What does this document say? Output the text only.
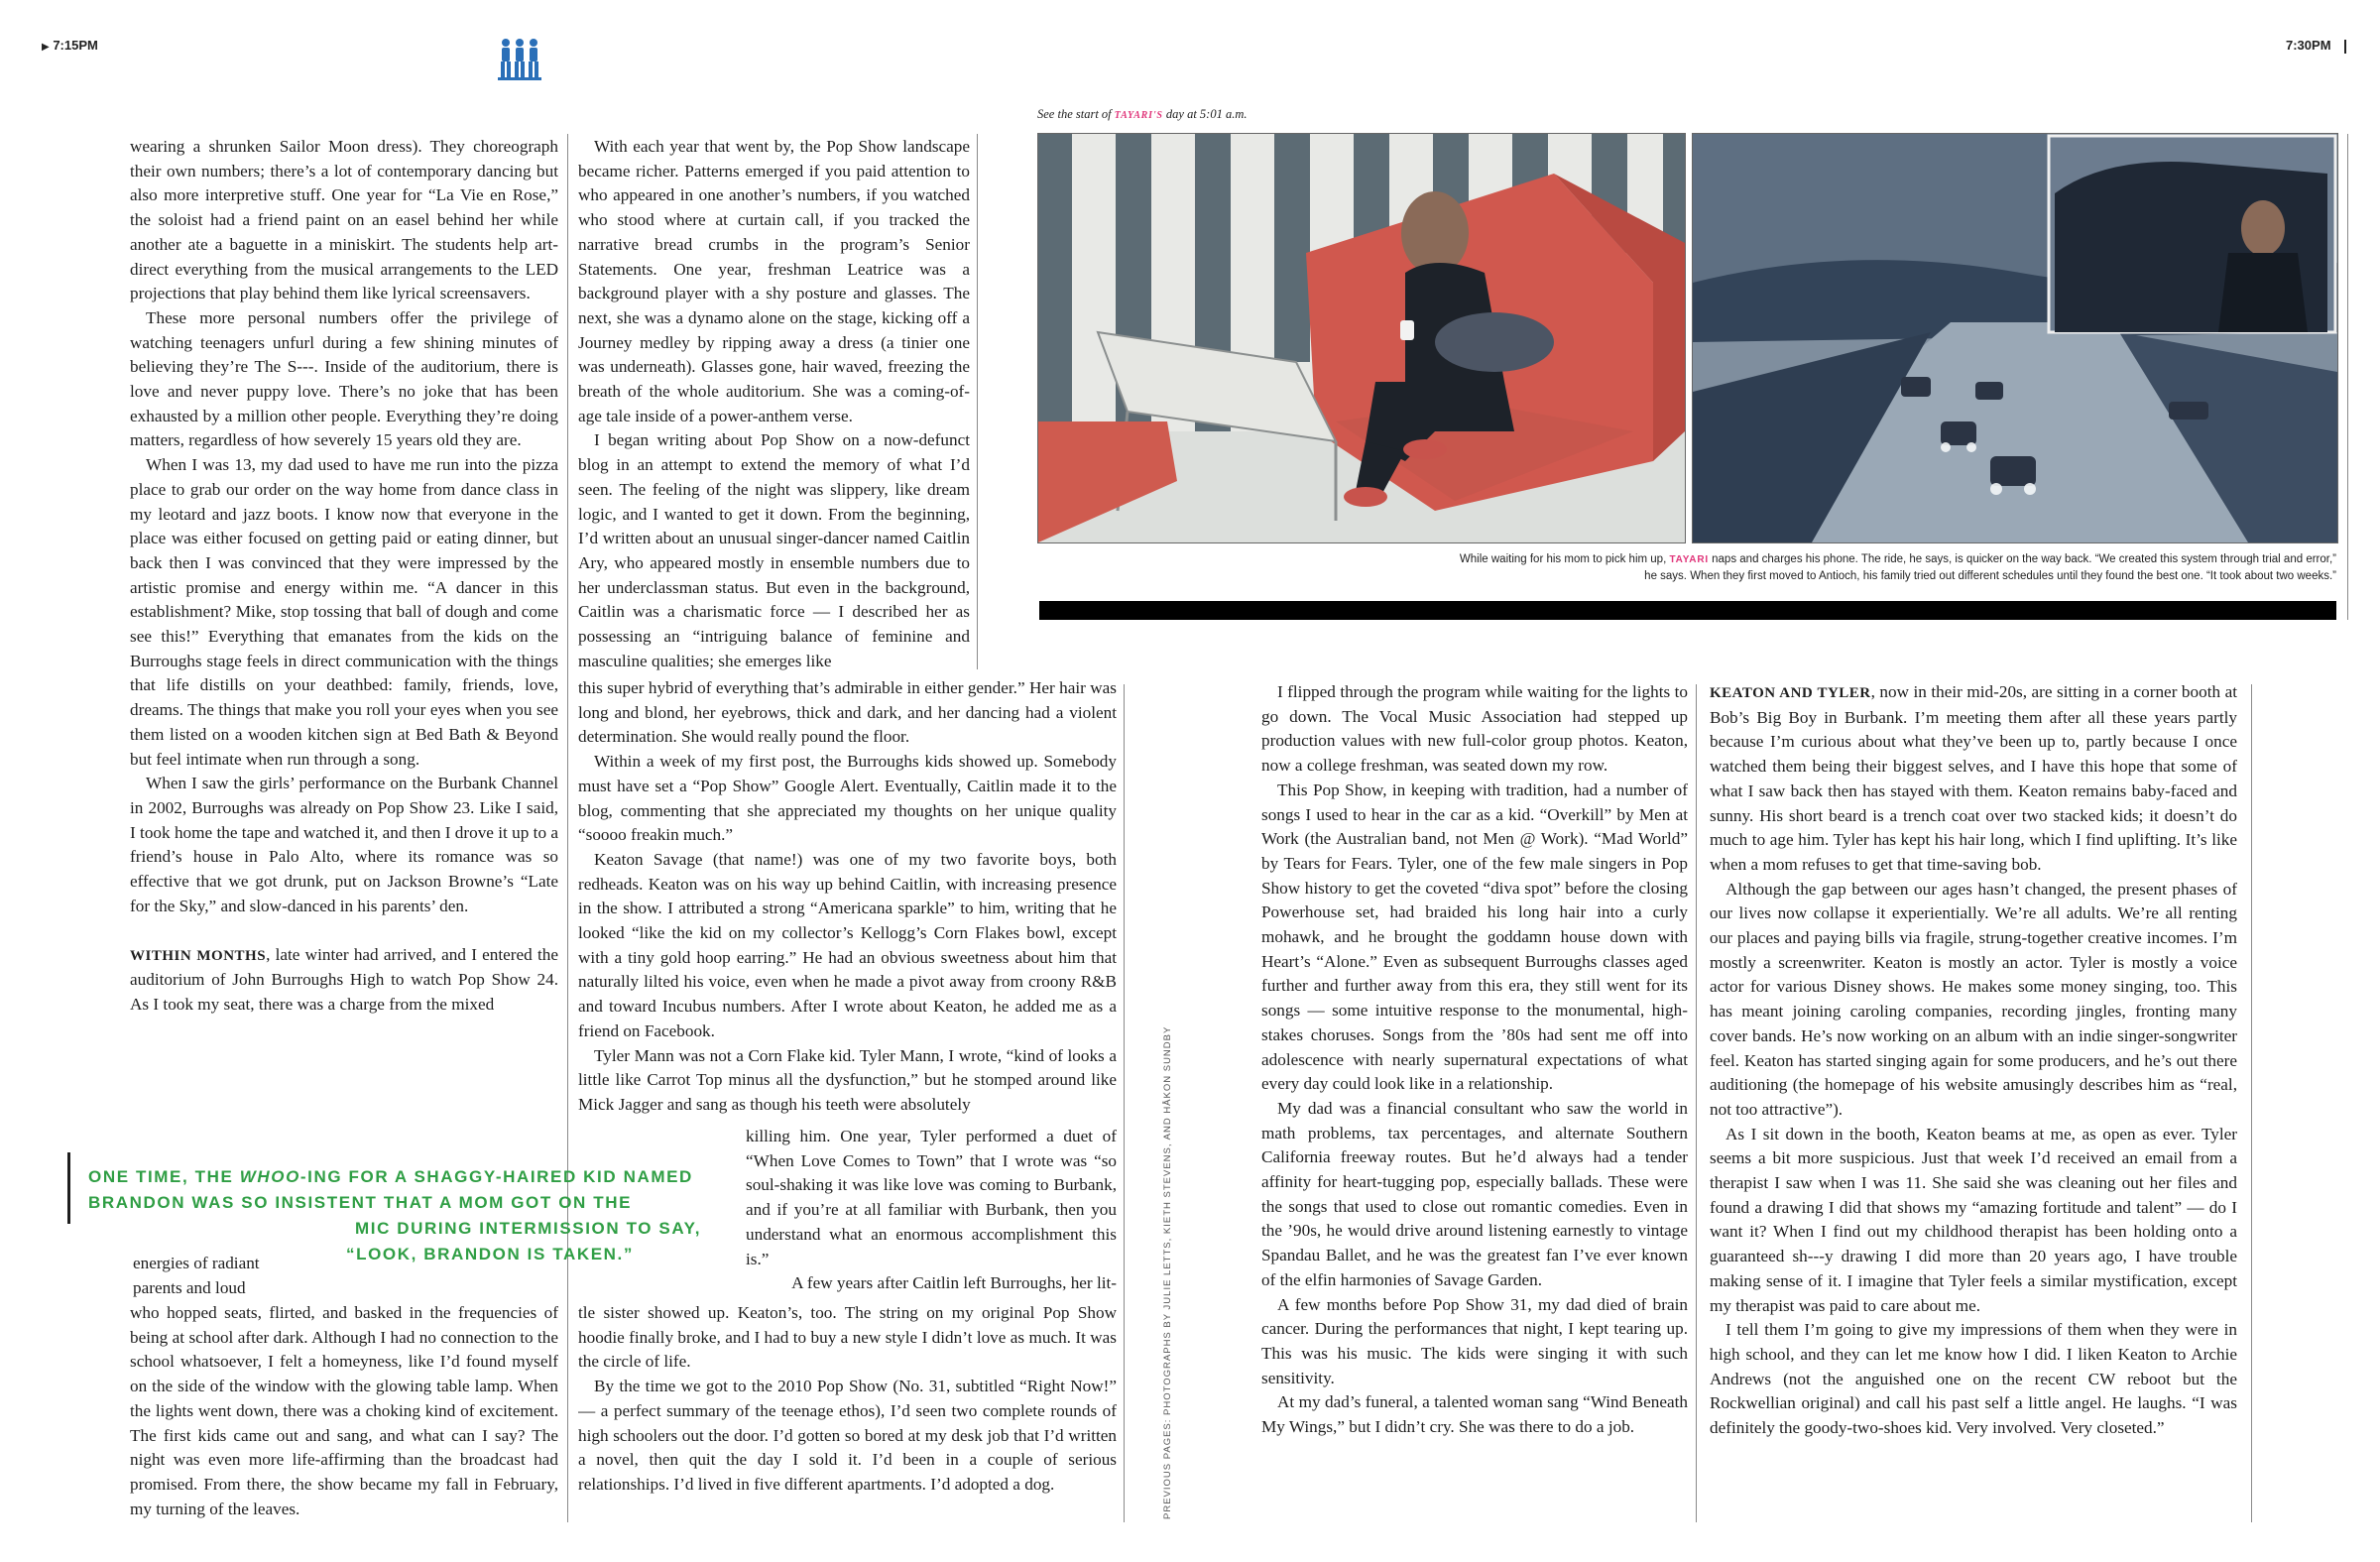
▶ 7:15PM	7:30PM
See the start of TAYARI'S day at 5:01 a.m.
While waiting for his mom to pick him up, TAYARI naps and charges his phone. The ride, he says, is quicker on the way back. “We created this system through trial and error,”
he says. When they first moved to Antioch, his family tried out different schedules until they found the best one. “It took about two weeks.”

wearing a shrunken Sailor Moon dress). They choreograph their own numbers; there’s a lot of contemporary dancing but also more interpretive stuff. One year for “La Vie en Rose,” the soloist had a friend paint on an easel behind her while another ate a baguette in a miniskirt. The students help art-direct everything from the musical arrangements to the LED projections that play behind them like lyrical screensavers.

These more personal numbers offer the privilege of watching teenagers unfurl during a few shining minutes of believing they’re The S---. Inside of the auditorium, there is love and never puppy love. There’s no joke that has been exhausted by a million other people. Everything they’re doing matters, regardless of how severely 15 years old they are.

When I was 13, my dad used to have me run into the pizza place to grab our order on the way home from dance class in my leotard and jazz boots. I know now that everyone in the place was either focused on getting paid or eating dinner, but back then I was convinced that they were impressed by the artistic promise and energy within me. “A dancer in this establishment? Mike, stop tossing that ball of dough and come see this!” Everything that emanates from the kids on the Burroughs stage feels in direct communication with the things that life distills on your deathbed: family, friends, love, dreams. The things that make you roll your eyes when you see them listed on a wooden kitchen sign at Bed Bath & Beyond but feel intimate when run through a song.

When I saw the girls’ performance on the Burbank Channel in 2002, Burroughs was already on Pop Show 23. Like I said, I took home the tape and watched it, and then I drove it up to a friend’s house in Palo Alto, where its romance was so effective that we got drunk, put on Jackson Browne’s “Late for the Sky,” and slow-danced in his parents’ den.

WITHIN MONTHS, late winter had arrived, and I entered the auditorium of John Burroughs High to watch Pop Show 24. As I took my seat, there was a charge from the mixed

ONE TIME, THE WHOO-ING FOR A SHAGGY-HAIRED KID NAMED

BRANDON WAS SO INSISTENT THAT A MOM GOT ON THE

MIC DURING INTERMISSION TO SAY,

“LOOK, BRANDON IS TAKEN.”

energies of radiant parents and loud

who hopped seats, flirted, and basked in the frequencies of being at school after dark. Although I had no connection to the school whatsoever, I felt a homeyness, like I’d found myself on the side of the window with the glowing table lamp. When the lights went down, there was a choking kind of excitement. The first kids came out and sang, and what can I say? The night was even more life-affirming than the broadcast had promised. From there, the show became my fall in February, my turning of the leaves.

With each year that went by, the Pop Show landscape became richer. Patterns emerged if you paid attention to who appeared in one another’s numbers, if you watched who stood where at curtain call, if you tracked the narrative bread crumbs in the program’s Senior Statements. One year, freshman Leatrice was a background player with a shy posture and glasses. The next, she was a dynamo alone on the stage, kicking off a Journey medley by ripping away a dress (a tinier one was underneath). Glasses gone, hair waved, freezing the breath of the whole auditorium. She was a coming-of-age tale inside of a power-anthem verse.

I began writing about Pop Show on a now-defunct blog in an attempt to extend the memory of what I’d seen. The feeling of the night was slippery, like dream logic, and I wanted to get it down. From the beginning, I’d written about an unusual singer-dancer named Caitlin Ary, who appeared mostly in ensemble numbers due to her underclassman status. But even in the background, Caitlin was a charismatic force — I described her as possessing an “intriguing balance of feminine and masculine qualities; she emerges like

this super hybrid of everything that’s admirable in either gender.” Her hair was long and blond, her eyebrows, thick and dark, and her dancing had a violent determination. She would really pound the floor.

Within a week of my first post, the Burroughs kids showed up. Somebody must have set a “Pop Show” Google Alert. Eventually, Caitlin made it to the blog, commenting that she appreciated my thoughts on her unique quality “soooo freakin much.”

Keaton Savage (that name!) was one of my two favorite boys, both redheads. Keaton was on his way up behind Caitlin, with increasing presence in the show. I attributed a strong “Americana sparkle” to him, writing that he looked “like the kid on my collector’s Kellogg’s Corn Flakes bowl, except with a tiny gold hoop earring.” He had an obvious sweetness about him that naturally lilted his voice, even when he made a pivot away from croony R&B and toward Incubus numbers. After I wrote about Keaton, he added me as a friend on Facebook.

Tyler Mann was not a Corn Flake kid. Tyler Mann, I wrote, “kind of looks a little like Carrot Top minus all the dysfunction,” but he stomped around like Mick Jagger and sang as though his teeth were absolutely

killing him. One year, Tyler performed a duet of “When Love Comes to Town” that I wrote was “so soul-shaking it was like love was coming to Burbank, and if you’re at all familiar with Burbank, then you understand what an enormous accomplishment this is.”

A few years after Caitlin left Burroughs, her lit-

tle sister showed up. Keaton’s, too. The string on my original Pop Show hoodie finally broke, and I had to buy a new style I didn’t love as much. It was the circle of life.

By the time we got to the 2010 Pop Show (No. 31, subtitled “Right Now!” — a perfect summary of the teenage ethos), I’d seen two complete rounds of high schoolers out the door. I’d gotten so bored at my desk job that I’d written a novel, then quit the day I sold it. I’d been in a couple of serious relationships. I’d lived in five different apartments. I’d adopted a dog.	PREVIOUS PAGES: PHOTOGRAPHS BY JULIE LETTS, KIETH STEVENS, AND HÅKON SUNDBY

I flipped through the program while waiting for the lights to go down. The Vocal Music Association had stepped up production values with new full-color group photos. Keaton, now a college freshman, was seated down my row.

This Pop Show, in keeping with tradition, had a number of songs I used to hear in the car as a kid. “Overkill” by Men at Work (the Australian band, not Men @ Work). “Mad World” by Tears for Fears. Tyler, one of the few male singers in Pop Show history to get the coveted “diva spot” before the closing Powerhouse set, had braided his long hair into a curly mohawk, and he brought the goddamn house down with Heart’s “Alone.” Even as subsequent Burroughs classes aged further and further away from this era, they still went for its songs — some intuitive response to the monumental, high-stakes choruses. Songs from the ’80s had sent me off into adolescence with nearly supernatural expectations of what every day could look like in a relationship.

My dad was a financial consultant who saw the world in math problems, tax percentages, and alternate Southern California freeway routes. But he’d always had a tender affinity for heart-tugging pop, especially ballads. These were the songs that used to close out romantic comedies. Even in the ’90s, he would drive around listening earnestly to vintage Spandau Ballet, and he was the greatest fan I’ve ever known of the elfin harmonies of Savage Garden.

A few months before Pop Show 31, my dad died of brain cancer. During the performances that night, I kept tearing up. This was his music. The kids were singing it with such sensitivity.

At my dad’s funeral, a talented woman sang “Wind Beneath My Wings,” but I didn’t cry. She was there to do a job.

KEATON AND TYLER, now in their mid-20s, are sitting in a corner booth at Bob’s Big Boy in Burbank. I’m meeting them after all these years partly because I’m curious about what they’ve been up to, partly because I once watched them being their biggest selves, and I have this hope that some of what I saw back then has stayed with them. Keaton remains baby-faced and sunny. His short beard is a trench coat over two stacked kids; it doesn’t do much to age him. Tyler has kept his hair long, which I find uplifting. It’s like when a mom refuses to get that time-saving bob.

Although the gap between our ages hasn’t changed, the present phases of our lives now collapse it experientially. We’re all adults. We’re all renting our places and paying bills via fragile, strung-together creative incomes. I’m mostly a screenwriter. Keaton is mostly an actor. Tyler is mostly a voice actor for various Disney shows. He makes some money singing, too. This has meant joining caroling companies, recording jingles, fronting many cover bands. He’s now working on an album with an indie singer-songwriter feel. Keaton has started singing again for some producers, and he’s out there auditioning (the homepage of his website amusingly describes him as “real, not too attractive”).

As I sit down in the booth, Keaton beams at me, as open as ever. Tyler seems a bit more suspicious. Just that week I’d received an email from a therapist I saw when I was 11. She said she was cleaning out her files and found a drawing I did that shows my “amazing fortitude and talent” — do I want it? When I find out my childhood therapist has been holding onto a guaranteed sh---y drawing I did more than 20 years ago, I have trouble making sense of it. I imagine that Tyler feels a similar mystification, except my therapist was paid to care about me.

I tell them I’m going to give my impressions of them when they were in high school, and they can let me know how I did. I liken Keaton to Archie Andrews (not the anguished one on the recent CW reboot but the Rockwellian original) and call his past self a little angel. He laughs. “I was definitely the goody-two-shoes kid. Very involved. Very closeted.”
